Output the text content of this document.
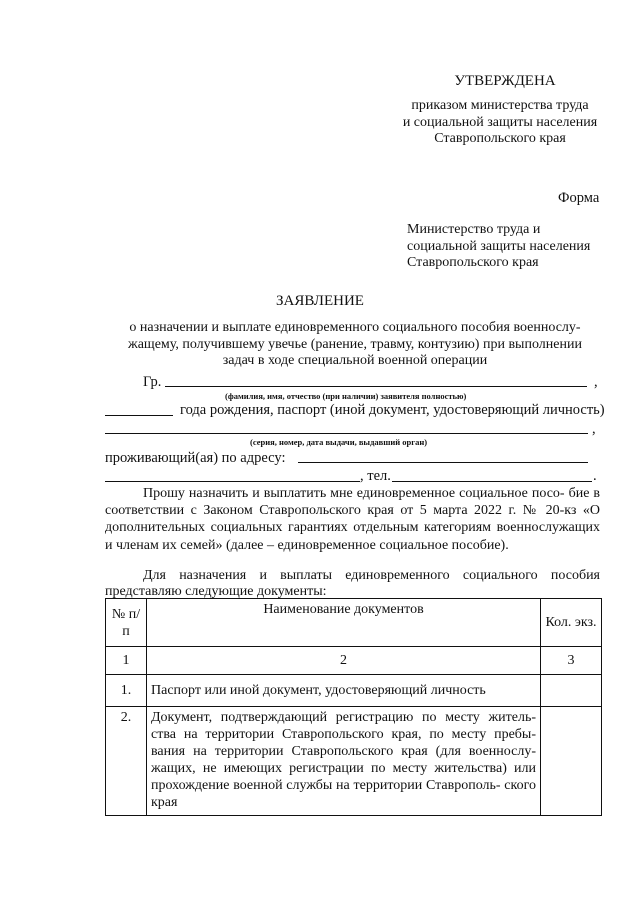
УТВЕРЖДЕНА
приказом министерства труда
и социальной защиты населения
Ставропольского края
Форма
Министерство труда и
социальной защиты населения
Ставропольского края
ЗАЯВЛЕНИЕ
о назначении и выплате единовременного социального пособия военнослу-
жащему, получившему увечье (ранение, травму, контузию) при выполнении
задач в ходе специальной военной операции
Гр.	,
(фамилия, имя, отчество (при наличии) заявителя полностью)
года рождения, паспорт (иной документ, удостоверяющий личность)
,
(серия, номер, дата выдачи, выдавший орган)
проживающий(ая) по адресу:
, тел.	.
Прошу назначить и выплатить мне единовременное социальное посо- бие в соответствии с Законом Ставропольского края от 5 марта 2022 г. № 20-кз «О дополнительных социальных гарантиях отдельным категориям военнослужащих и членам их семей» (далее – единовременное социальное пособие).
Для назначения и выплаты единовременного социального пособия представляю следующие документы:
№ п/п	Наименование документов	Кол. экз.
1	2	3
1.	Паспорт или иной документ, удостоверяющий личность	
2.	Документ, подтверждающий регистрацию по месту житель- ства на территории Ставропольского края, по месту пребы- вания на территории Ставропольского края (для военнослу- жащих, не имеющих регистрации по месту жительства) или прохождение военной службы на территории Ставрополь- ского края	
